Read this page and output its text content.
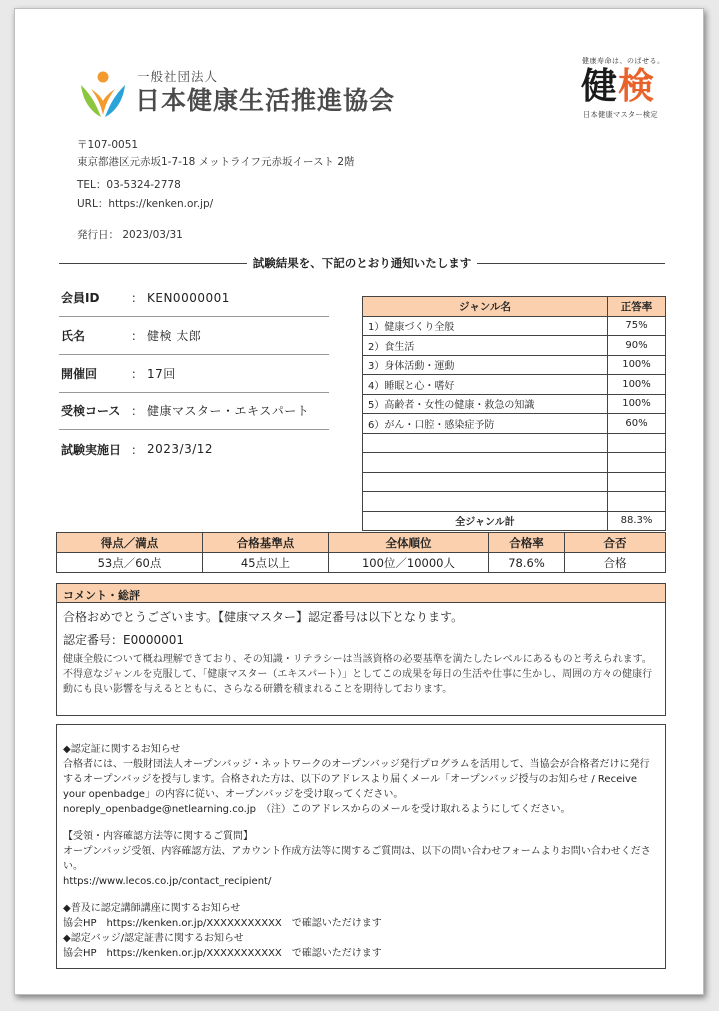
一般社団法人
日本健康生活推進協会
健康寿命は、のばせる。
健検
日本健康マスター検定
〒107-0051
東京都港区元赤坂1-7-18 メットライフ元赤坂イースト 2階
TEL：03-5324-2778
URL：https://kenken.or.jp/
発行日： 2023/03/31
試験結果を、下記のとおり通知いたします
会員ID	： KEN0000001
氏名	： 健検 太郎
開催回	： 17回
受検コース ： 健康マスター・エキスパート
試験実施日 ： 2023/3/12
ジャンル名	正答率
1）健康づくり全般	75%
2）食生活	90%
3）身体活動・運動	100%
4）睡眠と心・嗜好	100%
5）高齢者・女性の健康・救急の知識	100%
6）がん・口腔・感染症予防	60%

全ジャンル計	88.3%
得点／満点	合格基準点	全体順位	合格率	合否
53点／60点	45点以上	100位／10000人	78.6%	合格
コメント・総評
合格おめでとうございます。【健康マスター】認定番号は以下となります。
認定番号：E0000001
健康全般について概ね理解できており、その知識・リテラシーは当該資格の必要基準を満たしたレベルにあるものと考えられます。不得意なジャンルを克服して、「健康マスター（エキスパート）」としてこの成果を毎日の生活や仕事に生かし、周囲の方々の健康行動にも良い影響を与えるとともに、さらなる研鑽を積まれることを期待しております。

◆認定証に関するお知らせ
合格者には、一般財団法人オープンバッジ・ネットワークのオープンバッジ発行プログラムを活用して、当協会が合格者だけに発行するオープンバッジを授与します。合格された方は、以下のアドレスより届くメール「オープンバッジ授与のお知らせ / Receive your openbadge」の内容に従い、オープンバッジを受け取ってください。
noreply_openbadge@netlearning.co.jp　（注）このアドレスからのメールを受け取れるようにしてください。

【受領・内容確認方法等に関するご質問】
オープンバッジ受領、内容確認方法、アカウント作成方法等に関するご質問は、以下の問い合わせフォームよりお問い合わせください。
https://www.lecos.co.jp/contact_recipient/

◆普及に認定講師講座に関するお知らせ
協会HP　https://kenken.or.jp/XXXXXXXXXXX　で確認いただけます
◆認定バッジ/認定証書に関するお知らせ
協会HP　https://kenken.or.jp/XXXXXXXXXXX　で確認いただけます
